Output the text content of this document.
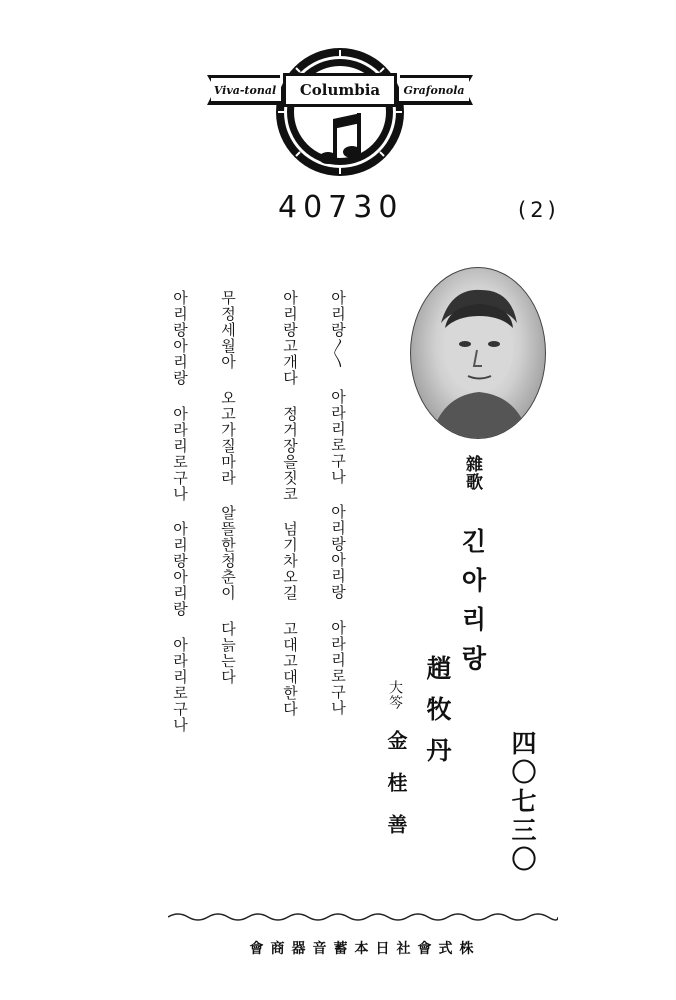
Viva-tonal Columbia Grafonola
40730	(2)
雜歌
긴아리랑
趙牧丹
大笒
金桂善	四〇七三〇
아리랑〳〵아라리로구나아리랑아리랑아라리로구나
아리랑고개다정거장을짓코넘기차오길고대고대한다
무정세월아오고가질마라알뜰한청춘이다늙는다
아리랑아리랑아라리로구나아리랑아리랑아라리로구나
株式會社日本蓄音器商會
